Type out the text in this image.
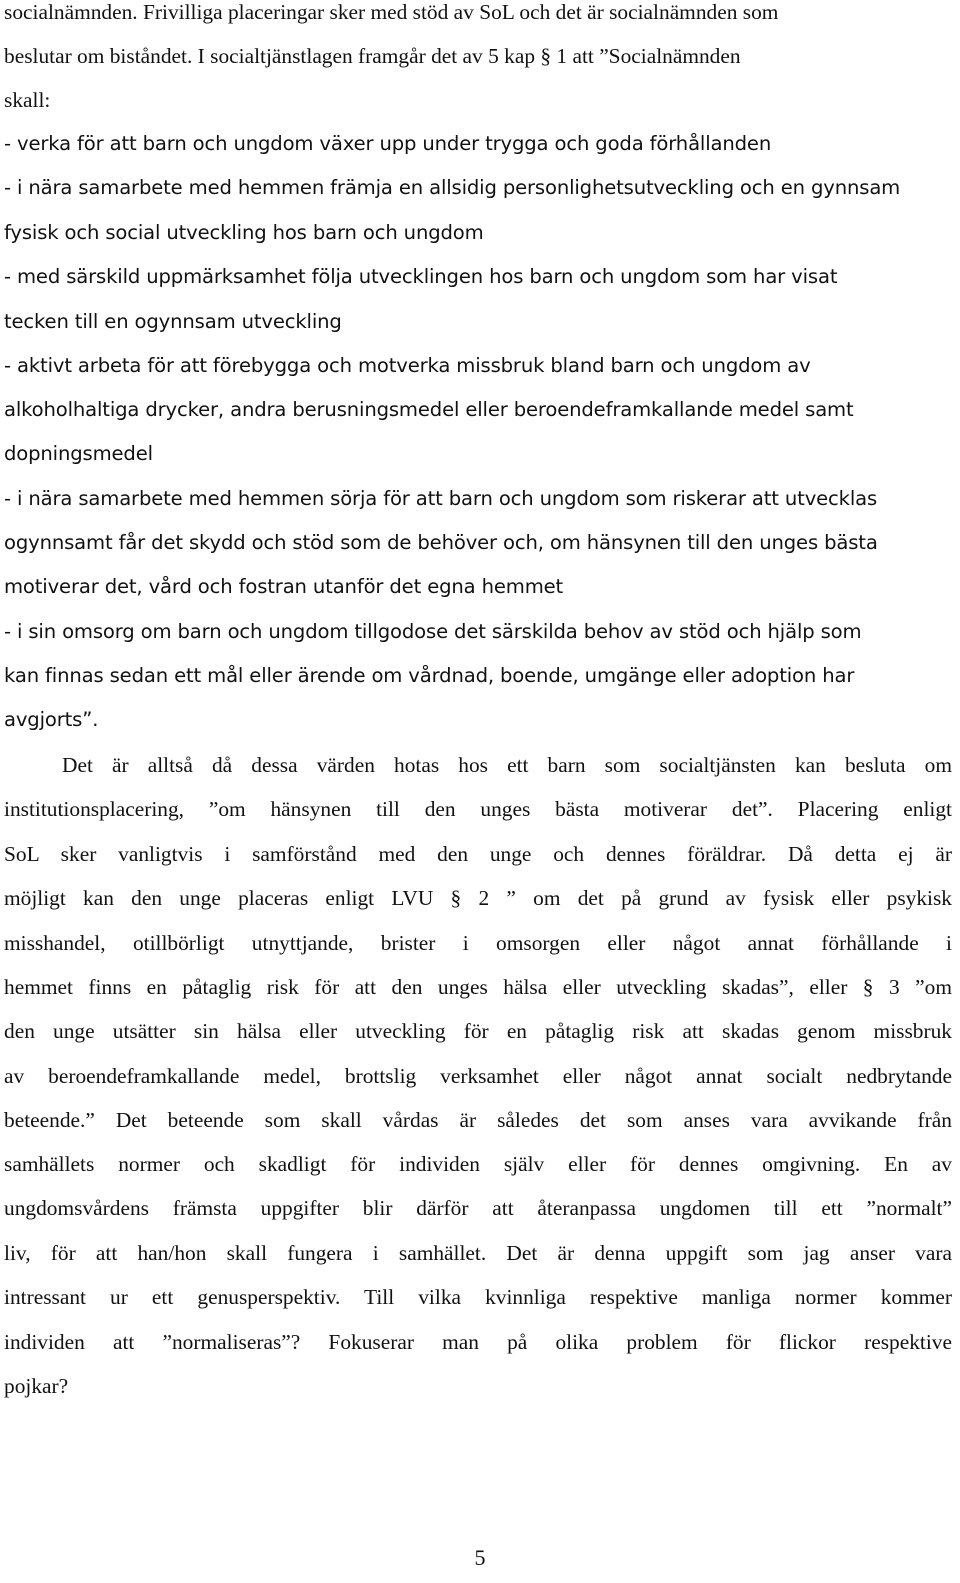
socialnämnden. Frivilliga placeringar sker med stöd av SoL och det är socialnämnden som
beslutar om biståndet. I socialtjänstlagen framgår det av 5 kap § 1 att ”Socialnämnden
skall:
- verka för att barn och ungdom växer upp under trygga och goda förhållanden
- i nära samarbete med hemmen främja en allsidig personlighetsutveckling och en gynnsam
fysisk och social utveckling hos barn och ungdom
- med särskild uppmärksamhet följa utvecklingen hos barn och ungdom som har visat
tecken till en ogynnsam utveckling
- aktivt arbeta för att förebygga och motverka missbruk bland barn och ungdom av
alkoholhaltiga drycker, andra berusningsmedel eller beroendeframkallande medel samt
dopningsmedel
- i nära samarbete med hemmen sörja för att barn och ungdom som riskerar att utvecklas
ogynnsamt får det skydd och stöd som de behöver och, om hänsynen till den unges bästa
motiverar det, vård och fostran utanför det egna hemmet
- i sin omsorg om barn och ungdom tillgodose det särskilda behov av stöd och hjälp som
kan finnas sedan ett mål eller ärende om vårdnad, boende, umgänge eller adoption har
avgjorts”.
Det är alltså då dessa värden hotas hos ett barn som socialtjänsten kan besluta om
institutionsplacering, ”om hänsynen till den unges bästa motiverar det”. Placering enligt
SoL sker vanligtvis i samförstånd med den unge och dennes föräldrar. Då detta ej är
möjligt kan den unge placeras enligt LVU § 2 ” om det på grund av fysisk eller psykisk
misshandel, otillbörligt utnyttjande, brister i omsorgen eller något annat förhållande i
hemmet finns en påtaglig risk för att den unges hälsa eller utveckling skadas”, eller § 3 ”om
den unge utsätter sin hälsa eller utveckling för en påtaglig risk att skadas genom missbruk
av beroendeframkallande medel, brottslig verksamhet eller något annat socialt nedbrytande
beteende.” Det beteende som skall vårdas är således det som anses vara avvikande från
samhällets normer och skadligt för individen själv eller för dennes omgivning. En av
ungdomsvårdens främsta uppgifter blir därför att återanpassa ungdomen till ett ”normalt”
liv, för att han/hon skall fungera i samhället. Det är denna uppgift som jag anser vara
intressant ur ett genusperspektiv. Till vilka kvinnliga respektive manliga normer kommer
individen att ”normaliseras”? Fokuserar man på olika problem för flickor respektive
pojkar?
5
